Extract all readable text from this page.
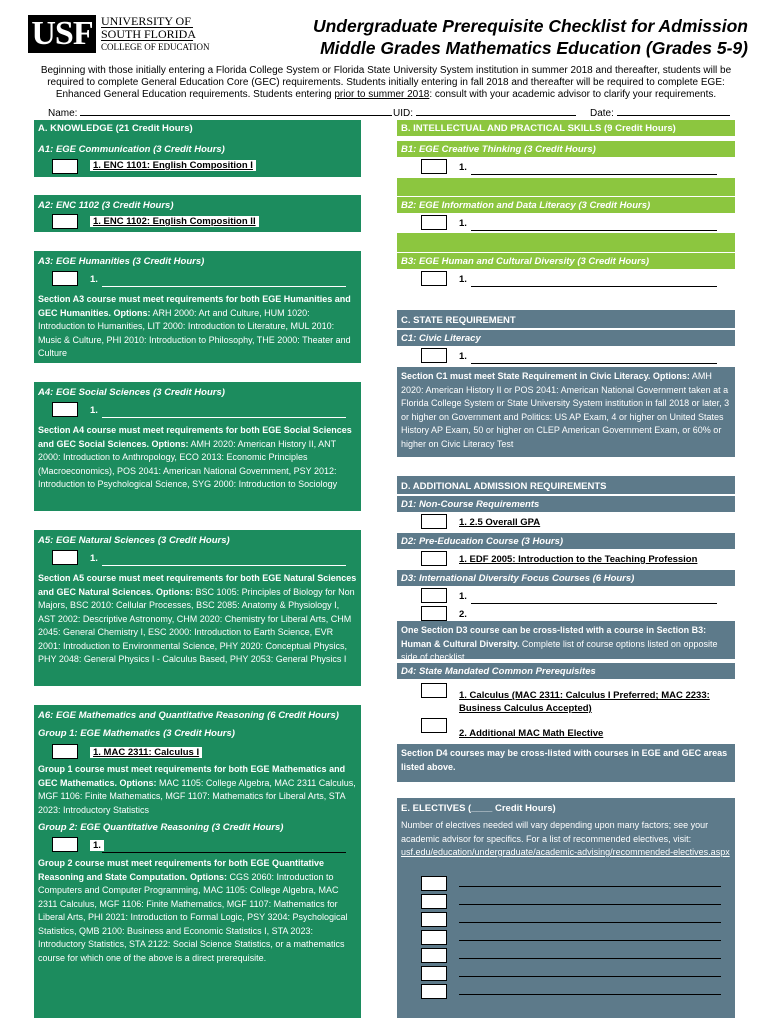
USF UNIVERSITY OF
SOUTH FLORIDA
COLLEGE OF EDUCATION
Undergraduate Prerequisite Checklist for Admission
Middle Grades Mathematics Education (Grades 5-9)
Beginning with those initially entering a Florida College System or Florida State University System institution in summer 2018 and thereafter, students will be required to complete General Education Core (GEC) requirements. Students initially entering in fall 2018 and thereafter will be required to complete EGE: Enhanced General Education requirements. Students entering prior to summer 2018: consult with your academic advisor to clarify your requirements.
Name:	UID:	Date:
A. KNOWLEDGE (21 Credit Hours)
A1: EGE Communication (3 Credit Hours)
1. ENC 1101: English Composition I
A2: ENC 1102 (3 Credit Hours)
1. ENC 1102: English Composition II
A3: EGE Humanities (3 Credit Hours)
1.
Section A3 course must meet requirements for both EGE Humanities and GEC Humanities. Options: ARH 2000: Art and Culture, HUM 1020: Introduction to Humanities, LIT 2000: Introduction to Literature, MUL 2010: Music & Culture, PHI 2010: Introduction to Philosophy, THE 2000: Theater and Culture
A4: EGE Social Sciences (3 Credit Hours)
1.
Section A4 course must meet requirements for both EGE Social Sciences and GEC Social Sciences. Options: AMH 2020: American History II, ANT 2000: Introduction to Anthropology, ECO 2013: Economic Principles (Macroeconomics), POS 2041: American National Government, PSY 2012: Introduction to Psychological Science, SYG 2000: Introduction to Sociology
A5: EGE Natural Sciences (3 Credit Hours)
1.
Section A5 course must meet requirements for both EGE Natural Sciences and GEC Natural Sciences. Options: BSC 1005: Principles of Biology for Non Majors, BSC 2010: Cellular Processes, BSC 2085: Anatomy & Physiology I, AST 2002: Descriptive Astronomy, CHM 2020: Chemistry for Liberal Arts, CHM 2045: General Chemistry I, ESC 2000: Introduction to Earth Science, EVR 2001: Introduction to Environmental Science, PHY 2020: Conceptual Physics, PHY 2048: General Physics I - Calculus Based, PHY 2053: General Physics I
A6: EGE Mathematics and Quantitative Reasoning (6 Credit Hours)
Group 1: EGE Mathematics (3 Credit Hours)
1. MAC 2311: Calculus I
Group 1 course must meet requirements for both EGE Mathematics and GEC Mathematics. Options: MAC 1105: College Algebra, MAC 2311 Calculus, MGF 1106: Finite Mathematics, MGF 1107: Mathematics for Liberal Arts, STA 2023: Introductory Statistics
Group 2: EGE Quantitative Reasoning (3 Credit Hours)
1.
Group 2 course must meet requirements for both EGE Quantitative Reasoning and State Computation. Options: CGS 2060: Introduction to Computers and Computer Programming, MAC 1105: College Algebra, MAC 2311 Calculus, MGF 1106: Finite Mathematics, MGF 1107: Mathematics for Liberal Arts, PHI 2021: Introduction to Formal Logic, PSY 3204: Psychological Statistics, QMB 2100: Business and Economic Statistics I, STA 2023: Introductory Statistics, STA 2122: Social Science Statistics, or a mathematics course for which one of the above is a direct prerequisite.
B. INTELLECTUAL AND PRACTICAL SKILLS (9 Credit Hours)
B1: EGE Creative Thinking (3 Credit Hours)
1.
B2: EGE Information and Data Literacy (3 Credit Hours)
1.
B3: EGE Human and Cultural Diversity (3 Credit Hours)
1.
C. STATE REQUIREMENT
C1: Civic Literacy
1.
Section C1 must meet State Requirement in Civic Literacy. Options: AMH 2020: American History II or POS 2041: American National Government taken at a Florida College System or State University System institution in fall 2018 or later, 3 or higher on Government and Politics: US AP Exam, 4 or higher on United States History AP Exam, 50 or higher on CLEP American Government Exam, or 60% or higher on Civic Literacy Test
D. ADDITIONAL ADMISSION REQUIREMENTS
D1: Non-Course Requirements
1. 2.5 Overall GPA
D2: Pre-Education Course (3 Hours)
1. EDF 2005: Introduction to the Teaching Profession
D3: International Diversity Focus Courses (6 Hours)
1.
2.
One Section D3 course can be cross-listed with a course in Section B3: Human & Cultural Diversity. Complete list of course options listed on opposite side of checklist.
D4: State Mandated Common Prerequisites
1. Calculus (MAC 2311: Calculus I Preferred; MAC 2233: Business Calculus Accepted)
2. Additional MAC Math Elective
Section D4 courses may be cross-listed with courses in EGE and GEC areas listed above.
E. ELECTIVES (____ Credit Hours)
Number of electives needed will vary depending upon many factors; see your academic advisor for specifics. For a list of recommended electives, visit: usf.edu/education/undergraduate/academic-advising/recommended-electives.aspx
